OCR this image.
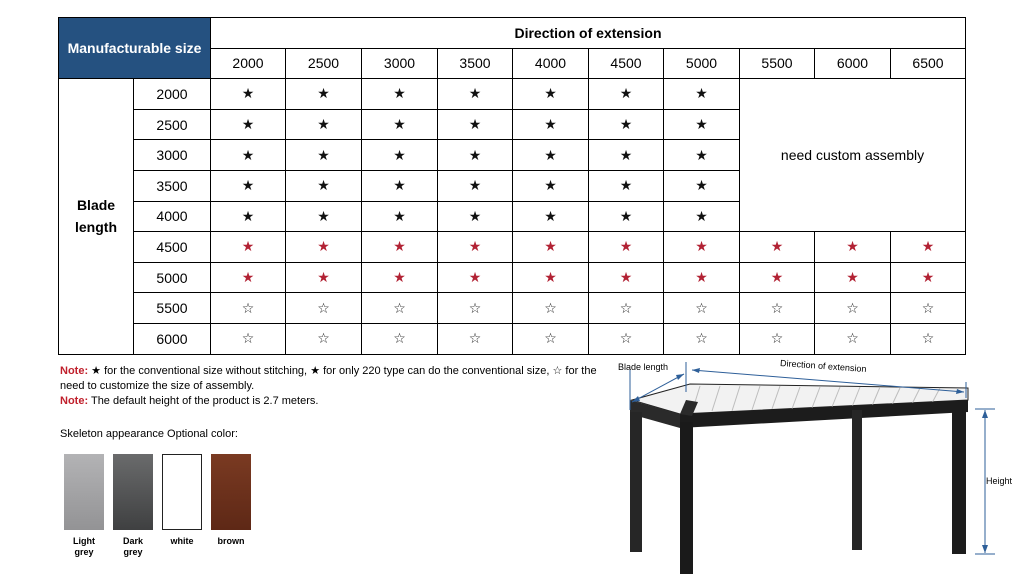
Manufacturable size		Direction of extension									
		2000	2500	3000	3500	4000	4500	5000	5500	6000	6500
Blade length	2000	★	★	★	★	★	★	★	need custom assembly		
	2500	★	★	★	★	★	★	★			
	3000	★	★	★	★	★	★	★			
	3500	★	★	★	★	★	★	★			
	4000	★	★	★	★	★	★	★			
	4500	★	★	★	★	★	★	★	★	★	★
	5000	★	★	★	★	★	★	★	★	★	★
	5500	☆	☆	☆	☆	☆	☆	☆	☆	☆	☆
	6000	☆	☆	☆	☆	☆	☆	☆	☆	☆	☆
Note: ★ for the conventional size without stitching, ★ for only 220 type can do the conventional size, ☆ for the need to customize the size of assembly.
Note: The default height of the product is 2.7 meters.
Skeleton appearance Optional color:
Light
grey
Dark
grey
white	brown
Blade length	Direction of extension
Height
